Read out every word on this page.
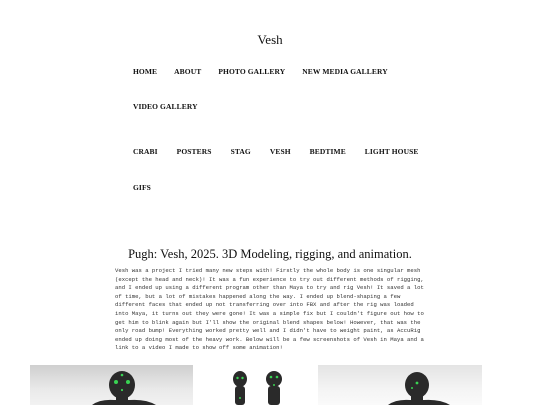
Vesh
HOME ABOUT PHOTO GALLERY NEW MEDIA GALLERY
VIDEO GALLERY
CRABI	POSTERS	STAG	VESH	BEDTIME	LIGHT HOUSE
GIFS
Pugh: Vesh, 2025. 3D Modeling, rigging, and animation.

Vesh was a project I tried many new steps with! Firstly the whole body is one singular mesh (except the head and neck)! It was a fun experience to try out different methods of rigging, and I ended up using a different program other than Maya to try and rig Vesh! It saved a lot of time, but a lot of mistakes happened along the way. I ended up blend-shaping a few different faces that ended up not transferring over into FBX and after the rig was loaded into Maya, it turns out they were gone! It was a simple fix but I couldn't figure out how to get him to blink again but I'll show the original blend shapes below! However, that was the only road bump! Everything worked pretty well and I didn't have to weight paint, as AccuRig ended up doing most of the heavy work. Below will be a few screenshots of Vesh in Maya and a link to a video I made to show off some animation!
